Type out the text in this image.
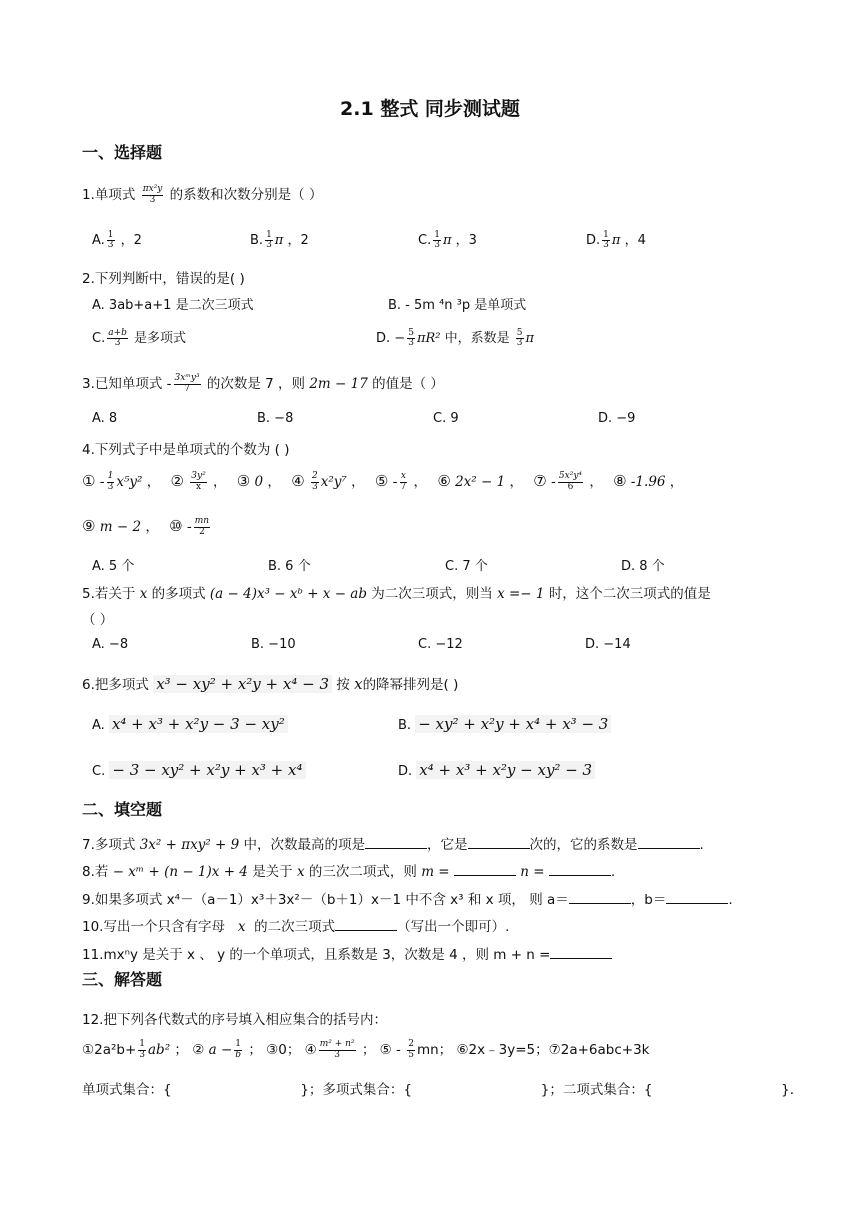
2.1 整式 同步测试题
一、选择题
1.单项式 $\frac{\text{πx²y}}{3}$ 的系数和次数分别是（ ）
A. $\frac{1}{3}$ ，2	B. $\frac{1}{3}$ π ，2	C. $\frac{1}{3}$ π ，3	D. $\frac{1}{3}$ π ，4
2.下列判断中，错误的是( )
A. 3ab+a+1 是二次三项式	B. - 5m ⁴n ³p 是单项式
C. $\frac{a+b}{3}$ 是多项式	D. − $\frac{5}{3} \pi R^2$ 中，系数是 $\frac{5}{3}$ π
3.已知单项式 - $\frac{\text{3xᵐy³}}{7}$ 的次数是 7 ，则 2m − 17 的值是（ ）
A. 8	B. −8	C. 9	D. −9
4.下列式子中是单项式的个数为 ( )
① - $\frac{1}{3} x^5y^2$ ， ② $\frac{\text{3y²}}{x}$ ， ③ 0 ， ④ $\frac{2}{3} x^2y^7$ ， ⑤ - $\frac{x}{7}$ ， ⑥ 2x² − 1 ， ⑦ - $\frac{\text{5x²y⁴}}{6}$ ， ⑧ -1.96 ，
⑨ m − 2 ， ⑩ - $\frac{mn}{2}$
A. 5 个	B. 6 个	C. 7 个	D. 8 个
5.若关于 x 的多项式 (a − 4)x³ − xᵇ + x − ab 为二次三项式，则当 x =− 1 时，这个二次三项式的值是
（ ）
A. −8	B. −10	C. −12	D. −14
6.把多项式 x³ − xy² + x²y + x⁴ − 3 按 x的降幂排列是( )
A. x⁴ + x³ + x²y − 3 − xy²	B. − xy² + x²y + x⁴ + x³ − 3
C. − 3 − xy² + x²y + x³ + x⁴	D. x⁴ + x³ + x²y − xy² − 3
二、填空题
7.多项式 3x² + πxy² + 9 中，次数最高的项是	，它是	次的，它的系数是	.
8.若 − xᵐ + (n − 1)x + 4 是关于 x 的三次二项式，则 m =	n =	.
9.如果多项式 x⁴－（a－1）x³＋3x²－（b＋1）x－1 中不含 x³ 和 x 项， 则 a＝	，b＝	.
10.写出一个只含有字母 x 的二次三项式	（写出一个即可）.
11.mxⁿy 是关于 x 、 y 的一个单项式，且系数是 3，次数是 4 ，则 m + n =
三、解答题
12.把下列各代数式的序号填入相应集合的括号内：
①2a²b+ $\frac{1}{3} ab^2$ ； ② $a - \frac{1}{b}$ ； ③0； ④ $\frac{\text{m² + n²}}{3}$ ； ⑤ - $\frac{2}{5}$ mn； ⑥2x﹣3y=5；⑦2a+6abc+3k
单项式集合：{                              }；多项式集合：{                              }；二项式集合：{                              }.
